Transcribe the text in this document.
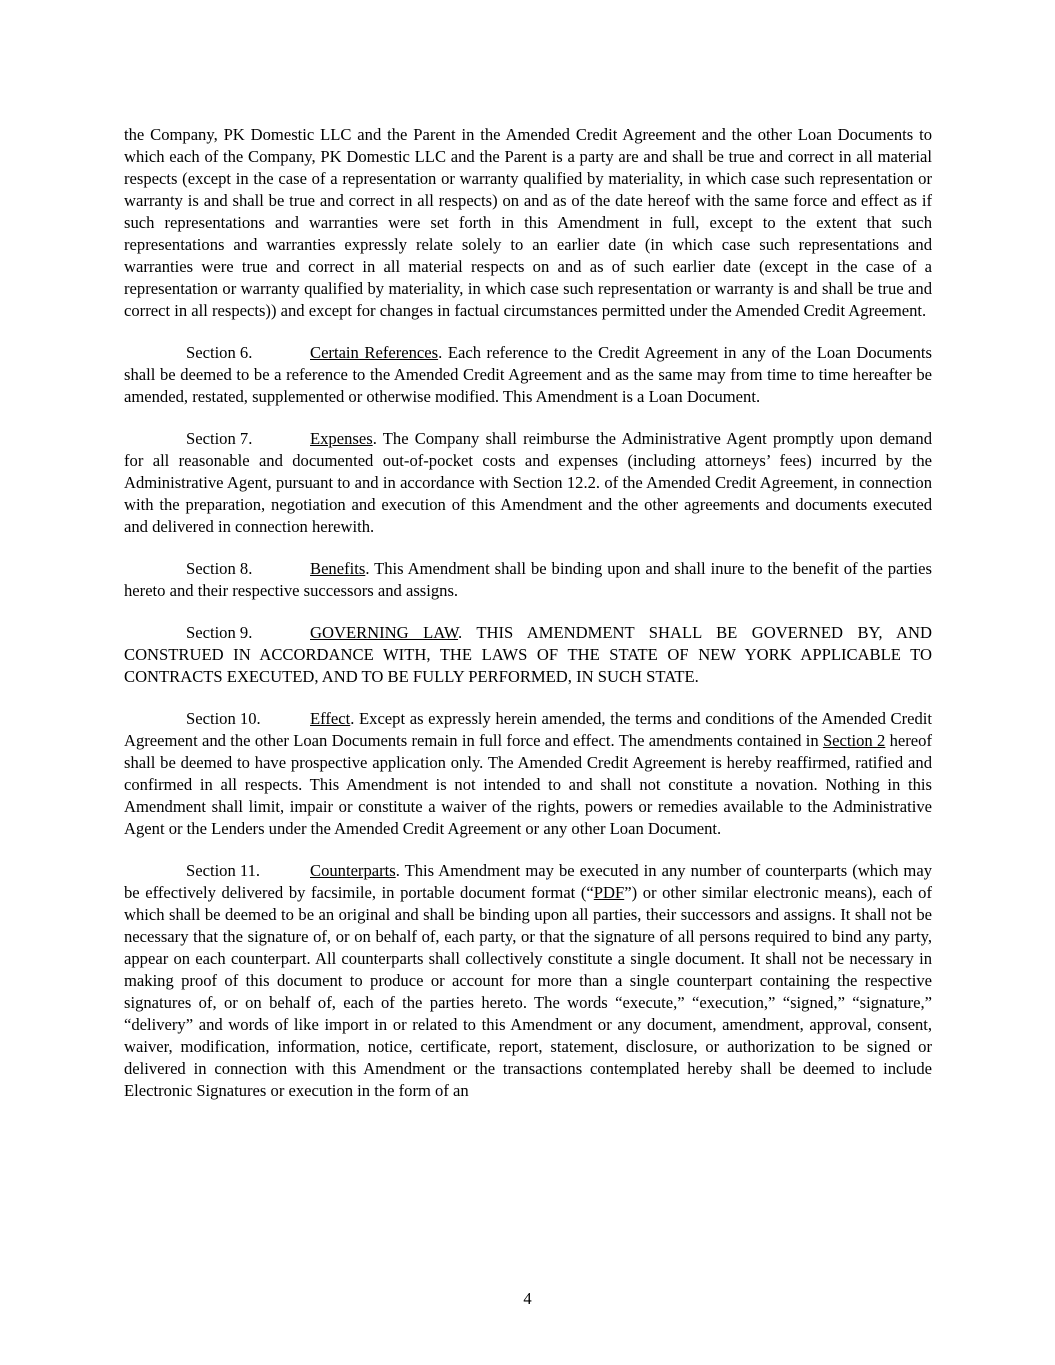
the Company, PK Domestic LLC and the Parent in the Amended Credit Agreement and the other Loan Documents to which each of the Company, PK Domestic LLC and the Parent is a party are and shall be true and correct in all material respects (except in the case of a representation or warranty qualified by materiality, in which case such representation or warranty is and shall be true and correct in all respects) on and as of the date hereof with the same force and effect as if such representations and warranties were set forth in this Amendment in full, except to the extent that such representations and warranties expressly relate solely to an earlier date (in which case such representations and warranties were true and correct in all material respects on and as of such earlier date (except in the case of a representation or warranty qualified by materiality, in which case such representation or warranty is and shall be true and correct in all respects)) and except for changes in factual circumstances permitted under the Amended Credit Agreement.

Section 6.	Certain References. Each reference to the Credit Agreement in any of the Loan Documents shall be deemed to be a reference to the Amended Credit Agreement and as the same may from time to time hereafter be amended, restated, supplemented or otherwise modified. This Amendment is a Loan Document.

Section 7.	Expenses. The Company shall reimburse the Administrative Agent promptly upon demand for all reasonable and documented out-of-pocket costs and expenses (including attorneys’ fees) incurred by the Administrative Agent, pursuant to and in accordance with Section 12.2. of the Amended Credit Agreement, in connection with the preparation, negotiation and execution of this Amendment and the other agreements and documents executed and delivered in connection herewith.

Section 8.	Benefits. This Amendment shall be binding upon and shall inure to the benefit of the parties hereto and their respective successors and assigns.

Section 9.	GOVERNING LAW. THIS AMENDMENT SHALL BE GOVERNED BY, AND CONSTRUED IN ACCORDANCE WITH, THE LAWS OF THE STATE OF NEW YORK APPLICABLE TO CONTRACTS EXECUTED, AND TO BE FULLY PERFORMED, IN SUCH STATE.

Section 10.	Effect. Except as expressly herein amended, the terms and conditions of the Amended Credit Agreement and the other Loan Documents remain in full force and effect. The amendments contained in Section 2 hereof shall be deemed to have prospective application only. The Amended Credit Agreement is hereby reaffirmed, ratified and confirmed in all respects. This Amendment is not intended to and shall not constitute a novation. Nothing in this Amendment shall limit, impair or constitute a waiver of the rights, powers or remedies available to the Administrative Agent or the Lenders under the Amended Credit Agreement or any other Loan Document.

Section 11.	Counterparts. This Amendment may be executed in any number of counterparts (which may be effectively delivered by facsimile, in portable document format (“PDF”) or other similar electronic means), each of which shall be deemed to be an original and shall be binding upon all parties, their successors and assigns. It shall not be necessary that the signature of, or on behalf of, each party, or that the signature of all persons required to bind any party, appear on each counterpart. All counterparts shall collectively constitute a single document. It shall not be necessary in making proof of this document to produce or account for more than a single counterpart containing the respective signatures of, or on behalf of, each of the parties hereto. The words “execute,” “execution,” “signed,” “signature,” “delivery” and words of like import in or related to this Amendment or any document, amendment, approval, consent, waiver, modification, information, notice, certificate, report, statement, disclosure, or authorization to be signed or delivered in connection with this Amendment or the transactions contemplated hereby shall be deemed to include Electronic Signatures or execution in the form of an

4
